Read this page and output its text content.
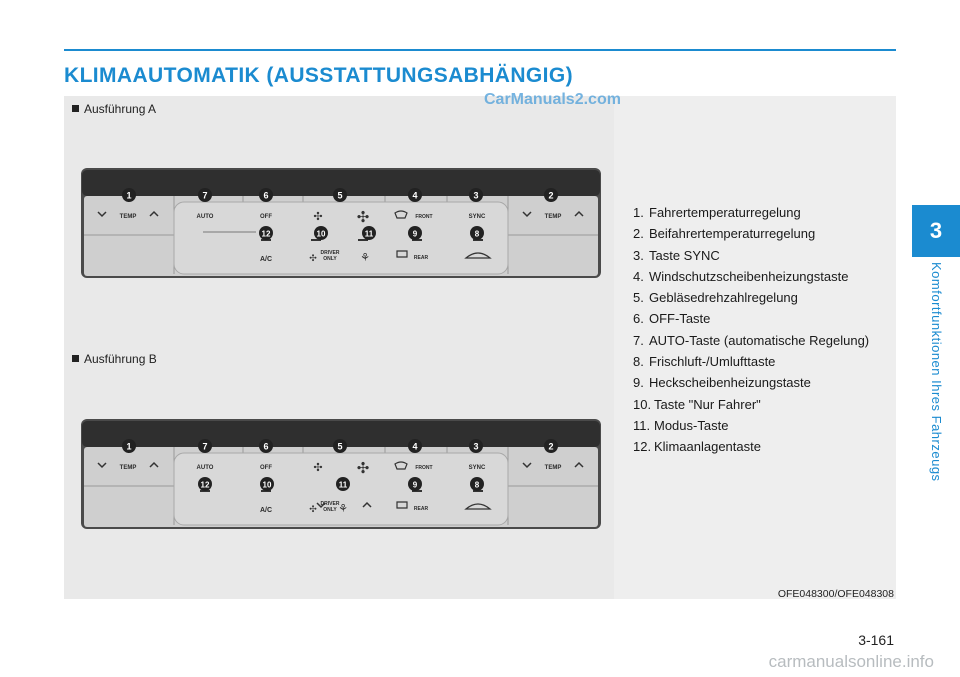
KLIMAAUTOMATIK (AUSSTATTUNGSABHÄNGIG)
3
Komfortfunktionen Ihres Fahrzeugs
Ausführung A
CarManuals2.com
TEMP	TEMP
AUTO	OFF	✣ ✣	FRONT	SYNC
A/C	✣ DRIVER
ONLY	REAR
⚘
1	7	6	5	4	3	2
12	10	11	9	8
Ausführung B
TEMP	TEMP
AUTO	OFF	✣ ✣	FRONT	SYNC
A/C	✣ DRIVER
ONLY	REAR
⚘
1	7	6	5	4	3	2
12	10	11	9	8
1. Fahrertemperaturregelung
2. Beifahrertemperaturregelung
3. Taste SYNC
4. Windschutzscheibenheizungstaste
5. Gebläsedrehzahlregelung
6. OFF-Taste
7. AUTO-Taste (automatische Regelung)
8. Frischluft-/Umlufttaste
9. Heckscheibenheizungstaste
10. Taste "Nur Fahrer"
11. Modus-Taste
12. Klimaanlagentaste
OFE048300/OFE048308
3-161
carmanualsonline.info
